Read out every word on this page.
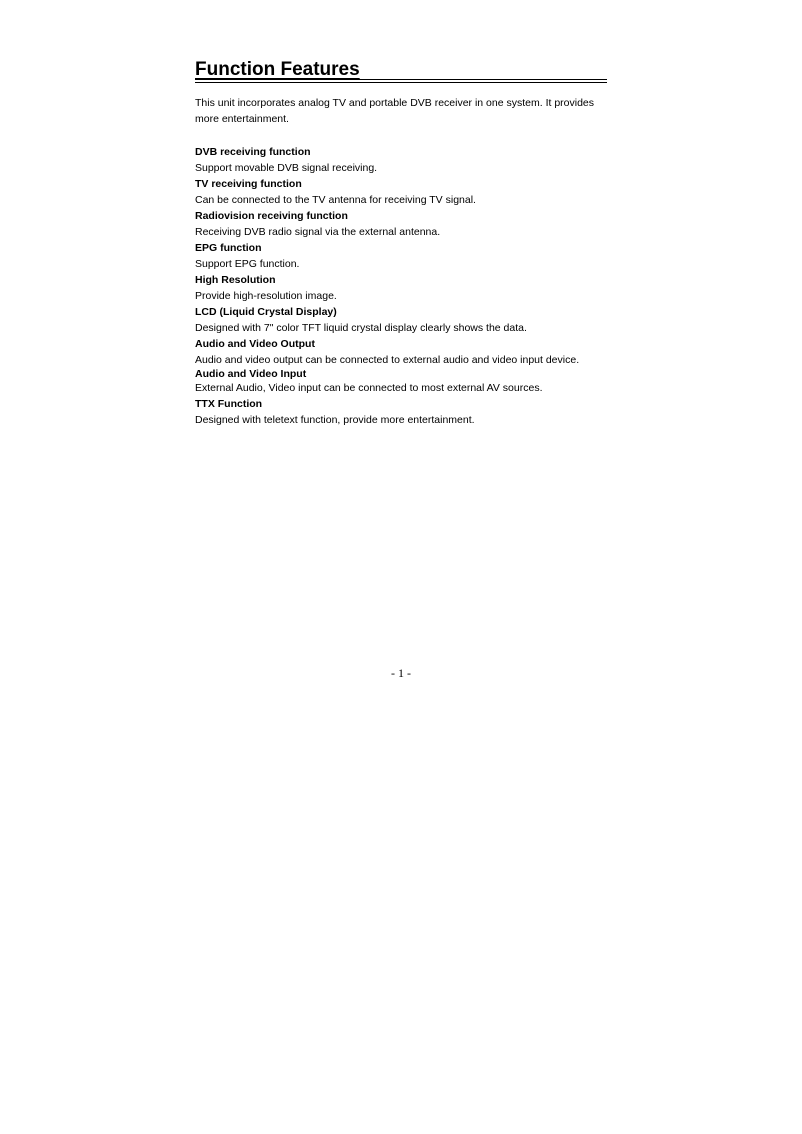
Function Features

This unit incorporates analog TV and portable DVB receiver in one system. It provides more entertainment.

DVB receiving function

Support movable DVB signal receiving.

TV receiving function

Can be connected to the TV antenna for receiving TV signal.

Radiovision receiving function

Receiving DVB radio signal via the external antenna.

EPG function

Support EPG function.

High Resolution

Provide high-resolution image.

LCD (Liquid Crystal Display)

Designed with 7" color TFT liquid crystal display clearly shows the data.

Audio and Video Output

Audio and video output can be connected to external audio and video input device.

Audio and Video Input

External Audio, Video input can be connected to most external AV sources.

TTX Function

Designed with teletext function, provide more entertainment.

- 1 -
